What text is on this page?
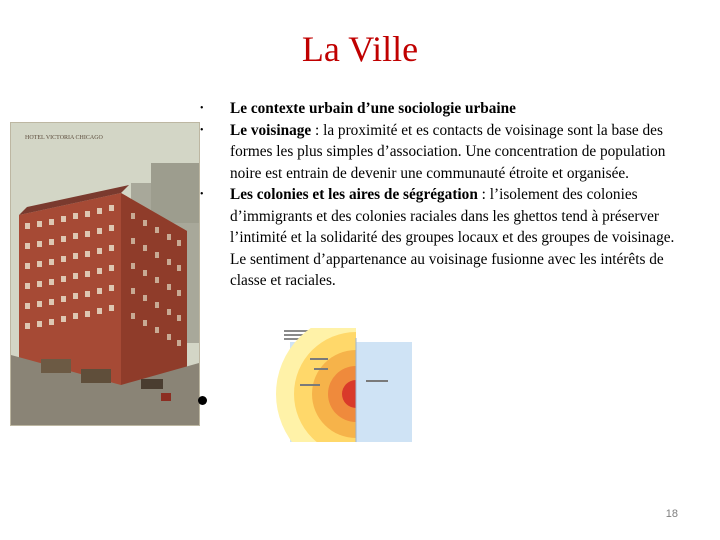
La Ville
HOTEL VICTORIA CHICAGO
•	Le contexte urbain d’une sociologie urbaine
•	Le voisinage : la proximité et es contacts de voisinage sont la base des formes les plus simples d’association. Une concentration de population noire est entrain de devenir une communauté étroite et organisée.
•	Les colonies et les aires de ségrégation : l’isolement des colonies d’immigrants et des colonies raciales dans les ghettos tend à préserver l’intimité et la solidarité des groupes locaux et des groupes de voisinage. Le sentiment d’appartenance au voisinage fusionne avec les intérêts de classe et raciales.
18
